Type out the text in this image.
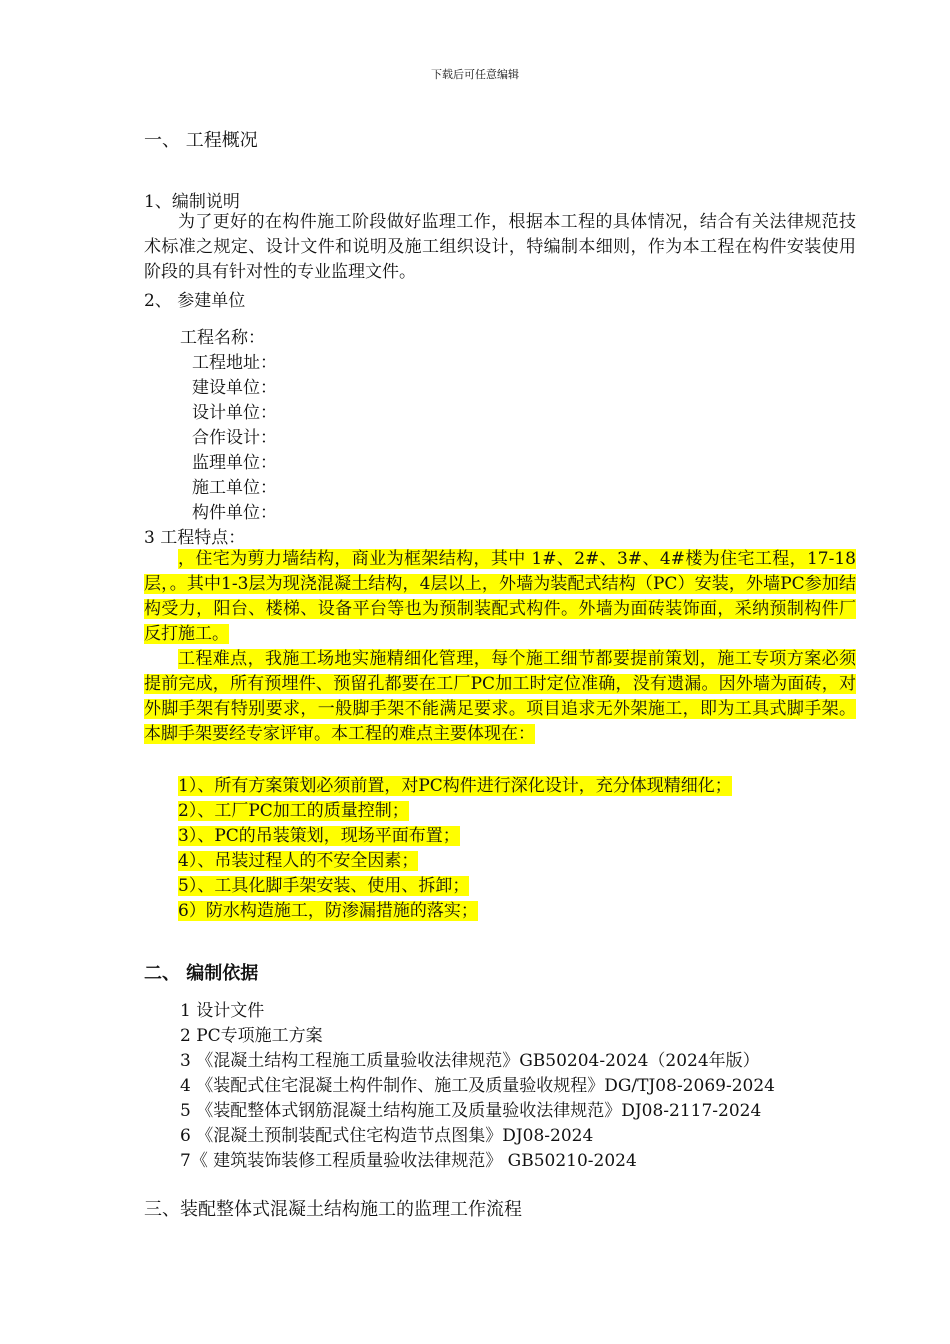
下载后可任意编辑
一、 工程概况
1、编制说明
为了更好的在构件施工阶段做好监理工作，根据本工程的具体情况，结合有关法律规范技术标准之规定、设计文件和说明及施工组织设计，特编制本细则，作为本工程在构件安装使用阶段的具有针对性的专业监理文件。
2、 参建单位
工程名称：
工程地址：
建设单位：
设计单位：
合作设计：
监理单位：
施工单位：
构件单位：
3 工程特点：
，住宅为剪力墙结构，商业为框架结构，其中 1#、2#、3#、4#楼为住宅工程，17-18层，。其中1-3层为现浇混凝土结构，4层以上，外墙为装配式结构（PC）安装，外墙PC参加结构受力，阳台、楼梯、设备平台等也为预制装配式构件。外墙为面砖装饰面，采纳预制构件厂反打施工。
工程难点，我施工场地实施精细化管理，每个施工细节都要提前策划，施工专项方案必须提前完成，所有预埋件、预留孔都要在工厂PC加工时定位准确，没有遗漏。因外墙为面砖，对外脚手架有特别要求，一般脚手架不能满足要求。项目追求无外架施工，即为工具式脚手架。本脚手架要经专家评审。本工程的难点主要体现在：
1）、所有方案策划必须前置，对PC构件进行深化设计，充分体现精细化；
2）、工厂PC加工的质量控制；
3）、PC的吊装策划，现场平面布置；
4）、吊装过程人的不安全因素；
5）、工具化脚手架安装、使用、拆卸；
6）防水构造施工，防渗漏措施的落实；
二、 编制依据
1 设计文件
2 PC专项施工方案
3 《混凝土结构工程施工质量验收法律规范》GB50204-2024（2024年版）
4 《装配式住宅混凝土构件制作、施工及质量验收规程》DG/TJ08-2069-2024
5 《装配整体式钢筋混凝土结构施工及质量验收法律规范》DJ08-2117-2024
6 《混凝土预制装配式住宅构造节点图集》DJ08-2024
7《 建筑装饰装修工程质量验收法律规范》 GB50210-2024
三、装配整体式混凝土结构施工的监理工作流程
